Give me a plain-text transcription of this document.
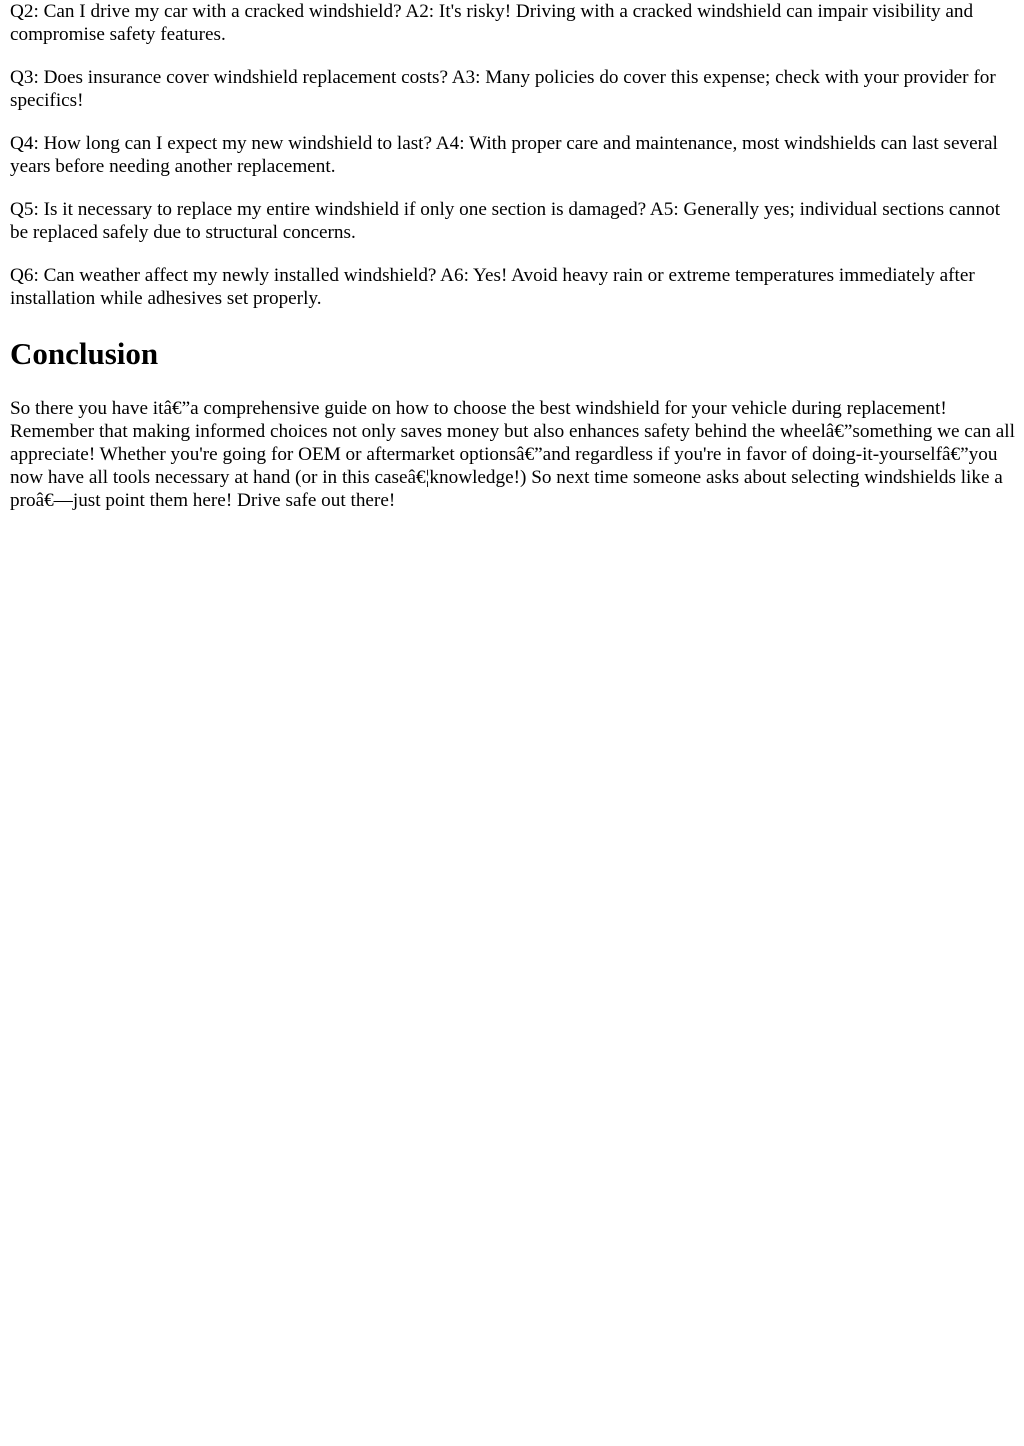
Q2: Can I drive my car with a cracked windshield? A2: It's risky! Driving with a cracked windshield can impair visibility and compromise safety features.

Q3: Does insurance cover windshield replacement costs? A3: Many policies do cover this expense; check with your provider for specifics!

Q4: How long can I expect my new windshield to last? A4: With proper care and maintenance, most windshields can last several years before needing another replacement.

Q5: Is it necessary to replace my entire windshield if only one section is damaged? A5: Generally yes; individual sections cannot be replaced safely due to structural concerns.

Q6: Can weather affect my newly installed windshield? A6: Yes! Avoid heavy rain or extreme temperatures immediately after installation while adhesives set properly.

Conclusion

So there you have itâ€”a comprehensive guide on how to choose the best windshield for your vehicle during replacement! Remember that making informed choices not only saves money but also enhances safety behind the wheelâ€”something we can all appreciate! Whether you're going for OEM or aftermarket optionsâ€”and regardless if you're in favor of doing-it-yourselfâ€”you now have all tools necessary at hand (or in this caseâ€¦knowledge!) So next time someone asks about selecting windshields like a proâ€—just point them here! Drive safe out there!
